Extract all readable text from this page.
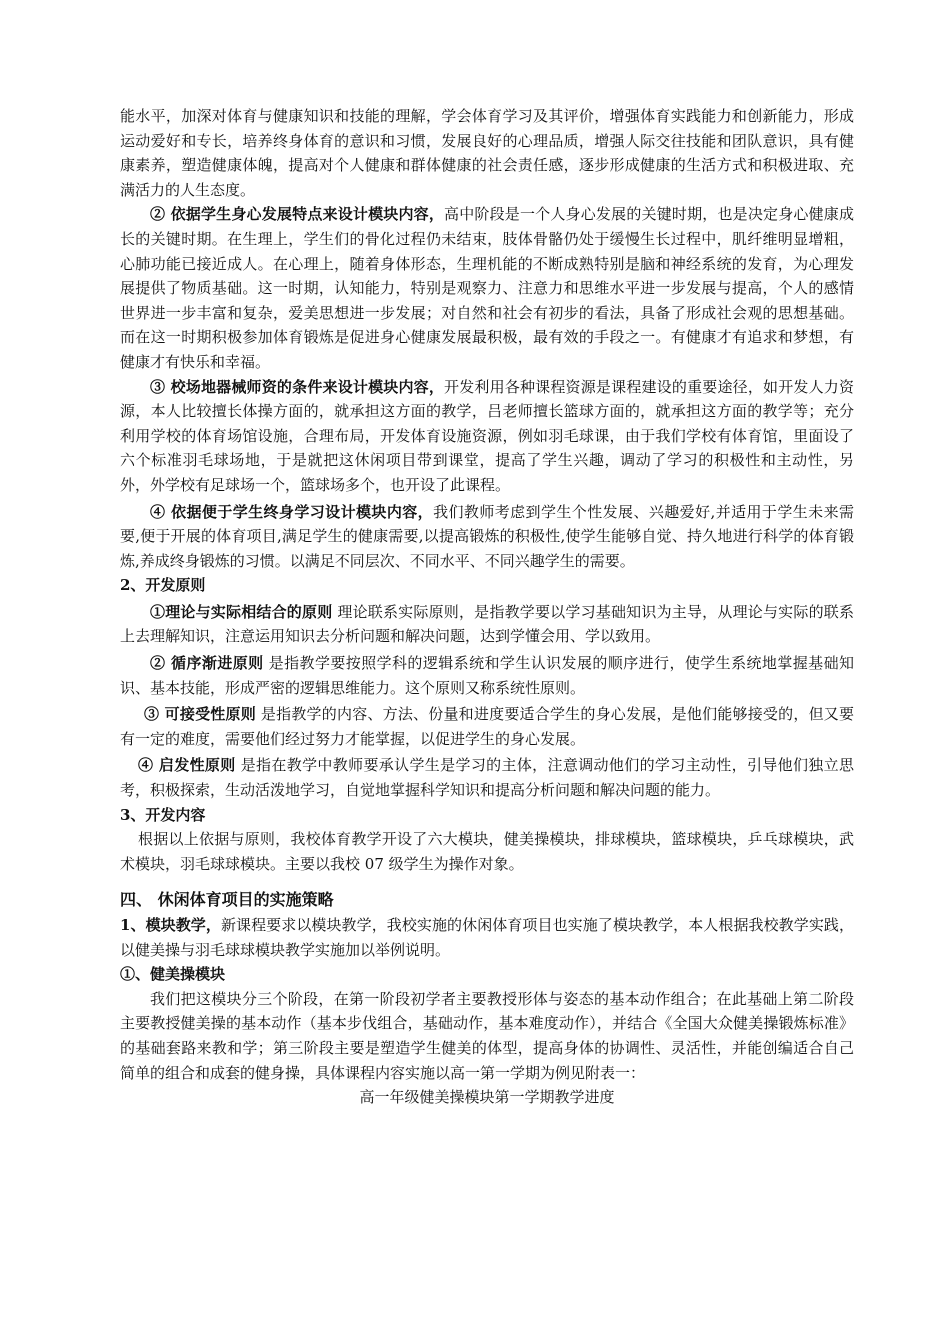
能水平，加深对体育与健康知识和技能的理解，学会体育学习及其评价，增强体育实践能力和创新能力，形成运动爱好和专长，培养终身体育的意识和习惯，发展良好的心理品质，增强人际交往技能和团队意识，具有健康素养，塑造健康体魄，提高对个人健康和群体健康的社会责任感，逐步形成健康的生活方式和积极进取、充满活力的人生态度。

② 依据学生身心发展特点来设计模块内容，高中阶段是一个人身心发展的关键时期，也是决定身心健康成长的关键时期。在生理上，学生们的骨化过程仍未结束，肢体骨骼仍处于缓慢生长过程中，肌纤维明显增粗，心肺功能已接近成人。在心理上，随着身体形态，生理机能的不断成熟特别是脑和神经系统的发育，为心理发展提供了物质基础。这一时期，认知能力，特别是观察力、注意力和思维水平进一步发展与提高，个人的感情世界进一步丰富和复杂，爱美思想进一步发展；对自然和社会有初步的看法，具备了形成社会观的思想基础。而在这一时期积极参加体育锻炼是促进身心健康发展最积极，最有效的手段之一。有健康才有追求和梦想，有健康才有快乐和幸福。

③ 校场地器械师资的条件来设计模块内容，开发利用各种课程资源是课程建设的重要途径，如开发人力资源，本人比较擅长体操方面的，就承担这方面的教学，吕老师擅长篮球方面的，就承担这方面的教学等；充分利用学校的体育场馆设施，合理布局，开发体育设施资源，例如羽毛球课，由于我们学校有体育馆，里面设了六个标准羽毛球场地，于是就把这休闲项目带到课堂，提高了学生兴趣，调动了学习的积极性和主动性，另外，外学校有足球场一个，篮球场多个，也开设了此课程。

④ 依据便于学生终身学习设计模块内容，我们教师考虑到学生个性发展、兴趣爱好,并适用于学生未来需要,便于开展的体育项目,满足学生的健康需要,以提高锻炼的积极性,使学生能够自觉、持久地进行科学的体育锻炼,养成终身锻炼的习惯。以满足不同层次、不同水平、不同兴趣学生的需要。

2、开发原则

①理论与实际相结合的原则 理论联系实际原则，是指教学要以学习基础知识为主导，从理论与实际的联系上去理解知识，注意运用知识去分析问题和解决问题，达到学懂会用、学以致用。

② 循序渐进原则 是指教学要按照学科的逻辑系统和学生认识发展的顺序进行，使学生系统地掌握基础知识、基本技能，形成严密的逻辑思维能力。这个原则又称系统性原则。

③ 可接受性原则 是指教学的内容、方法、份量和进度要适合学生的身心发展，是他们能够接受的，但又要有一定的难度，需要他们经过努力才能掌握，以促进学生的身心发展。

④ 启发性原则 是指在教学中教师要承认学生是学习的主体，注意调动他们的学习主动性，引导他们独立思考，积极探索，生动活泼地学习，自觉地掌握科学知识和提高分析问题和解决问题的能力。

3、开发内容

根据以上依据与原则，我校体育教学开设了六大模块，健美操模块，排球模块，篮球模块，乒乓球模块，武术模块，羽毛球球模块。主要以我校 07 级学生为操作对象。

四、 休闲体育项目的实施策略

1、模块教学，新课程要求以模块教学，我校实施的休闲体育项目也实施了模块教学，本人根据我校教学实践，以健美操与羽毛球球模块教学实施加以举例说明。

①、健美操模块

我们把这模块分三个阶段，在第一阶段初学者主要教授形体与姿态的基本动作组合；在此基础上第二阶段主要教授健美操的基本动作（基本步伐组合，基础动作，基本难度动作），并结合《全国大众健美操锻炼标准》的基础套路来教和学；第三阶段主要是塑造学生健美的体型，提高身体的协调性、灵活性，并能创编适合自己简单的组合和成套的健身操，具体课程内容实施以高一第一学期为例见附表一：

高一年级健美操模块第一学期教学进度
